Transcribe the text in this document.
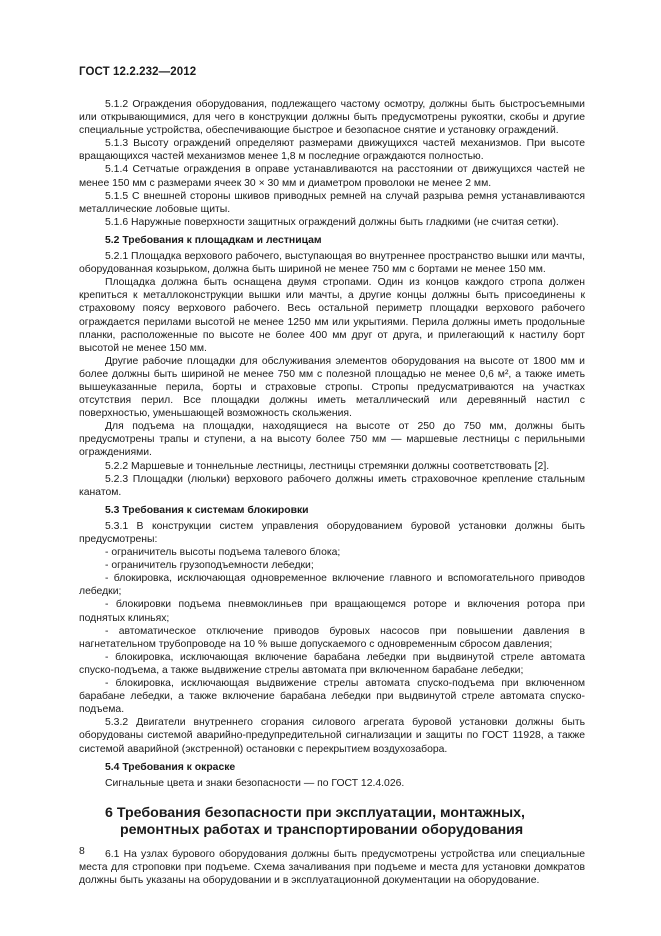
ГОСТ 12.2.232—2012

5.1.2 Ограждения оборудования, подлежащего частому осмотру, должны быть быстросъемными или открывающимися, для чего в конструкции должны быть предусмотрены рукоятки, скобы и другие специальные устройства, обеспечивающие быстрое и безопасное снятие и установку ограждений.

5.1.3 Высоту ограждений определяют размерами движущихся частей механизмов. При высоте вращающихся частей механизмов менее 1,8 м последние ограждаются полностью.

5.1.4 Сетчатые ограждения в оправе устанавливаются на расстоянии от движущихся частей не менее 150 мм с размерами ячеек 30 × 30 мм и диаметром проволоки не менее 2 мм.

5.1.5 С внешней стороны шкивов приводных ремней на случай разрыва ремня устанавливаются металлические лобовые щиты.

5.1.6 Наружные поверхности защитных ограждений должны быть гладкими (не считая сетки).

5.2 Требования к площадкам и лестницам

5.2.1 Площадка верхового рабочего, выступающая во внутреннее пространство вышки или мачты, оборудованная козырьком, должна быть шириной не менее 750 мм с бортами не менее 150 мм.

Площадка должна быть оснащена двумя стропами. Один из концов каждого стропа должен крепиться к металлоконструкции вышки или мачты, а другие концы должны быть присоединены к страховому поясу верхового рабочего. Весь остальной периметр площадки верхового рабочего ограждается перилами высотой не менее 1250 мм или укрытиями. Перила должны иметь продольные планки, расположенные по высоте не более 400 мм друг от друга, и прилегающий к настилу борт высотой не менее 150 мм.

Другие рабочие площадки для обслуживания элементов оборудования на высоте от 1800 мм и более должны быть шириной не менее 750 мм с полезной площадью не менее 0,6 м², а также иметь вышеуказанные перила, борты и страховые стропы. Стропы предусматриваются на участках отсутствия перил. Все площадки должны иметь металлический или деревянный настил с поверхностью, уменьшающей возможность скольжения.

Для подъема на площадки, находящиеся на высоте от 250 до 750 мм, должны быть предусмотрены трапы и ступени, а на высоту более 750 мм — маршевые лестницы с перильными ограждениями.

5.2.2 Маршевые и тоннельные лестницы, лестницы стремянки должны соответствовать [2].

5.2.3 Площадки (люльки) верхового рабочего должны иметь страховочное крепление стальным канатом.

5.3 Требования к системам блокировки

5.3.1 В конструкции систем управления оборудованием буровой установки должны быть предусмотрены:

- ограничитель высоты подъема талевого блока;

- ограничитель грузоподъемности лебедки;

- блокировка, исключающая одновременное включение главного и вспомогательного приводов лебедки;

- блокировки подъема пневмоклиньев при вращающемся роторе и включения ротора при поднятых клиньях;

- автоматическое отключение приводов буровых насосов при повышении давления в нагнетательном трубопроводе на 10 % выше допускаемого с одновременным сбросом давления;

- блокировка, исключающая включение барабана лебедки при выдвинутой стреле автомата спуско-подъема, а также выдвижение стрелы автомата при включенном барабане лебедки;

- блокировка, исключающая выдвижение стрелы автомата спуско-подъема при включенном барабане лебедки, а также включение барабана лебедки при выдвинутой стреле автомата спуско-подъема.

5.3.2 Двигатели внутреннего сгорания силового агрегата буровой установки должны быть оборудованы системой аварийно-предупредительной сигнализации и защиты по ГОСТ 11928, а также системой аварийной (экстренной) остановки с перекрытием воздухозабора.

5.4 Требования к окраске

Сигнальные цвета и знаки безопасности — по ГОСТ 12.4.026.

6 Требования безопасности при эксплуатации, монтажных,
ремонтных работах и транспортировании оборудования

6.1 На узлах бурового оборудования должны быть предусмотрены устройства или специальные места для строповки при подъеме. Схема зачаливания при подъеме и места для установки домкратов должны быть указаны на оборудовании и в эксплуатационной документации на оборудование.

8
